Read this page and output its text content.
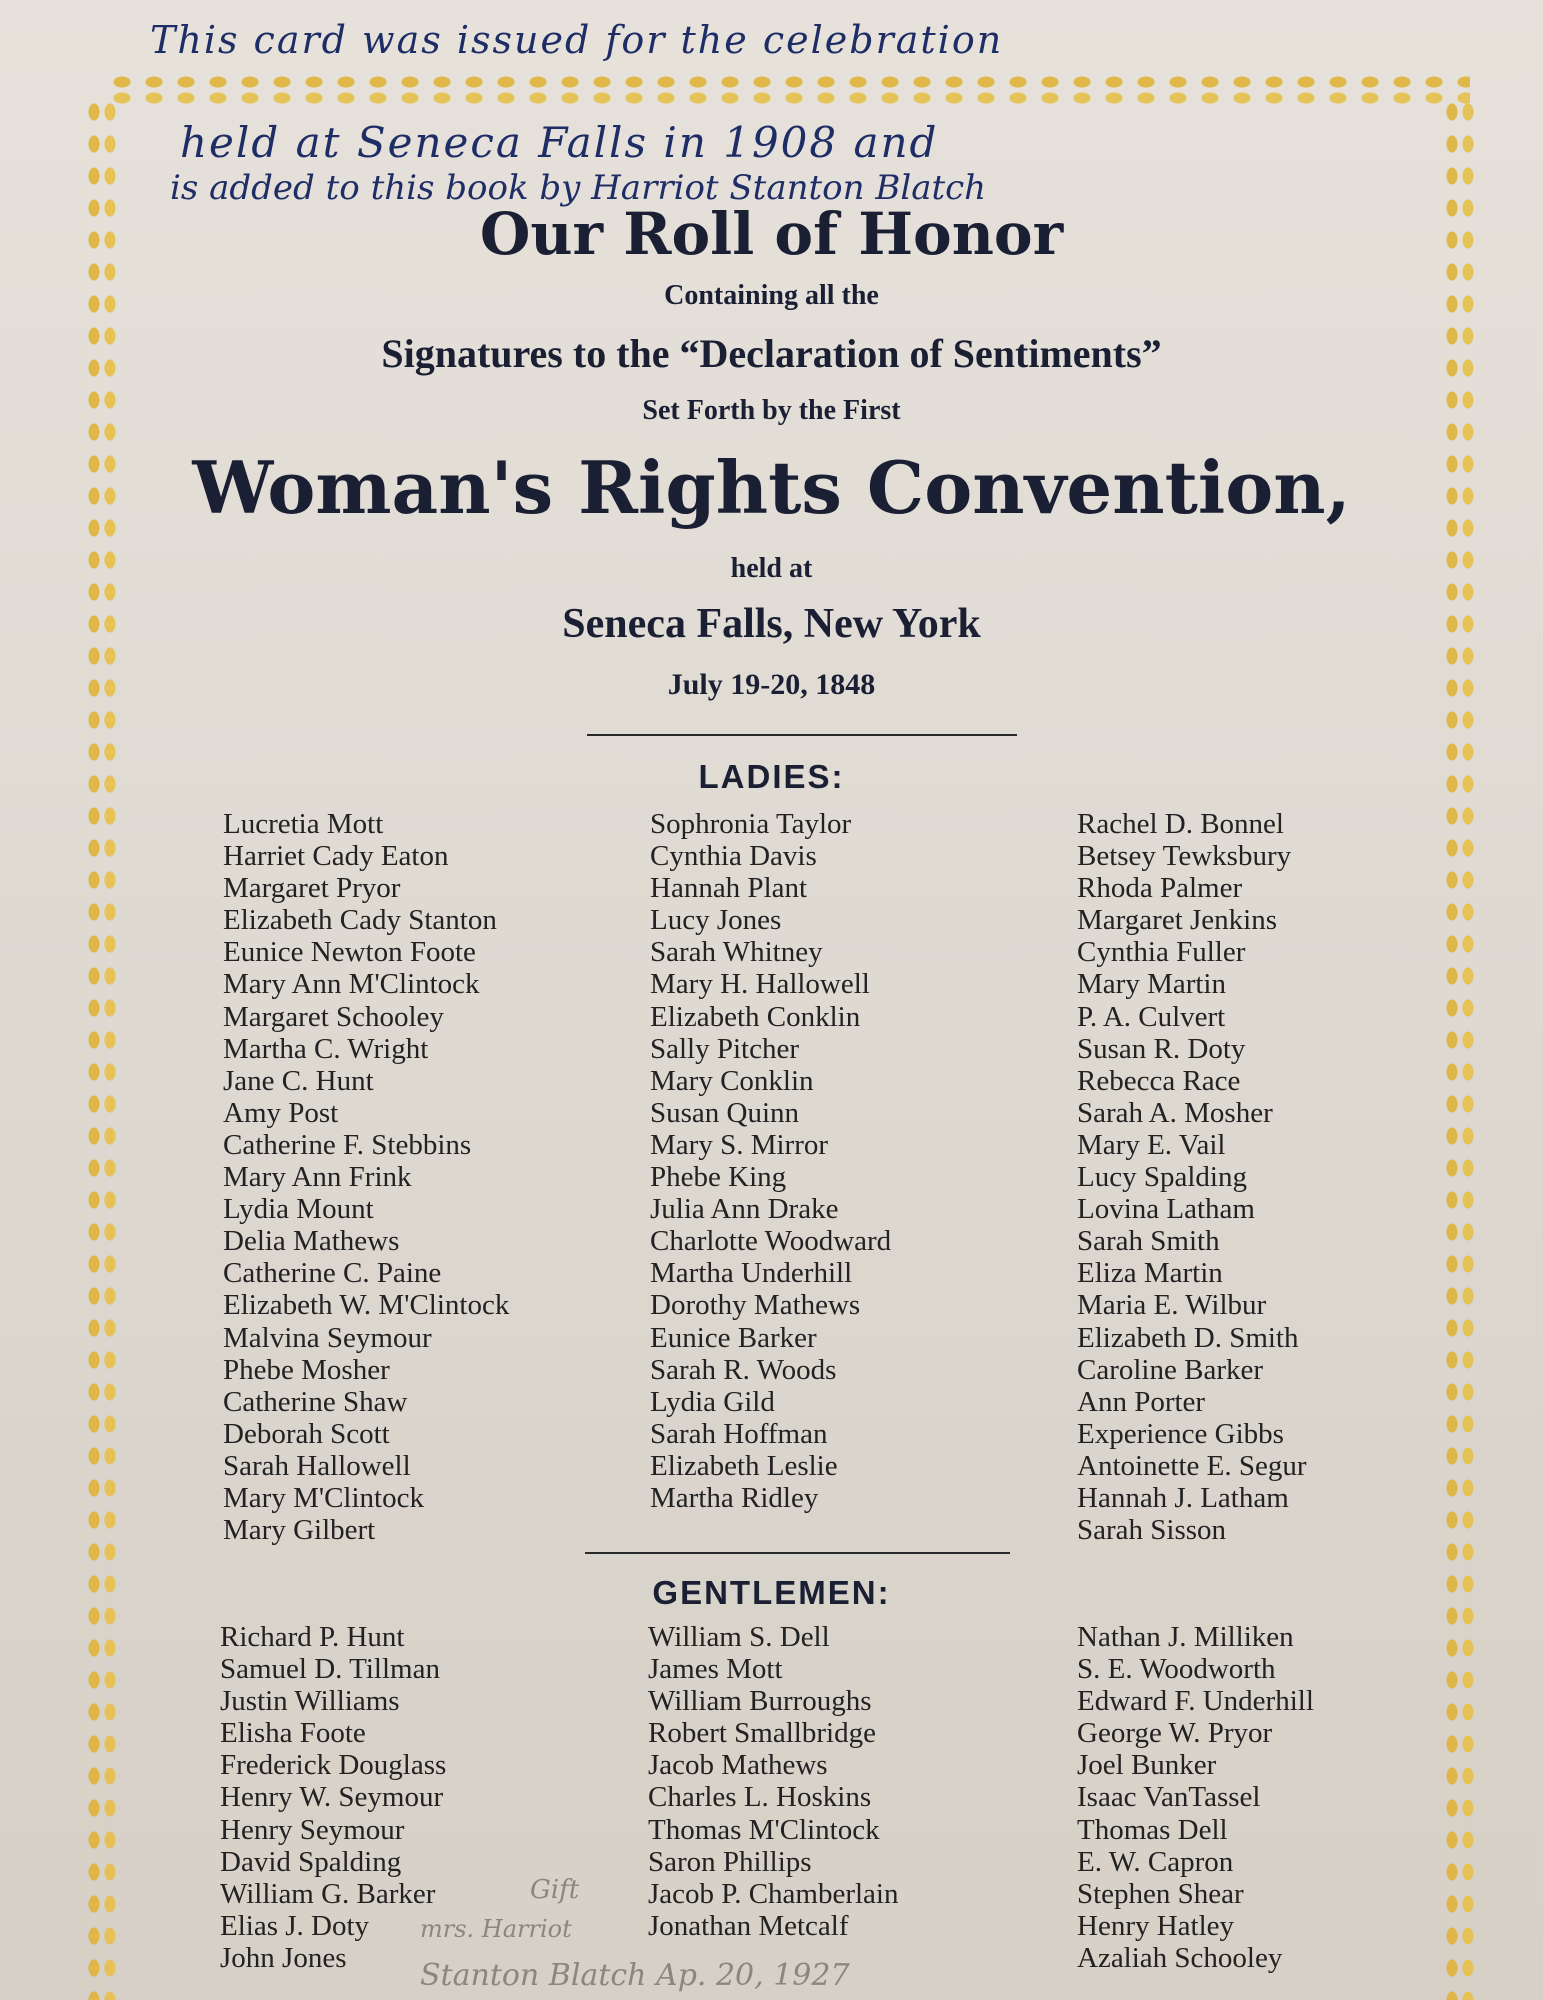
This card was issued for the celebration
held at Seneca Falls in 1908 and
is added to this book by Harriot Stanton Blatch
Our Roll of Honor
Containing all the
Signatures to the “Declaration of Sentiments”
Set Forth by the First
Woman's Rights Convention,
held at
Seneca Falls, New York
July 19-20, 1848
LADIES:
Lucretia Mott
Harriet Cady Eaton
Margaret Pryor
Elizabeth Cady Stanton
Eunice Newton Foote
Mary Ann M'Clintock
Margaret Schooley
Martha C. Wright
Jane C. Hunt
Amy Post
Catherine F. Stebbins
Mary Ann Frink
Lydia Mount
Delia Mathews
Catherine C. Paine
Elizabeth W. M'Clintock
Malvina Seymour
Phebe Mosher
Catherine Shaw
Deborah Scott
Sarah Hallowell
Mary M'Clintock
Mary Gilbert
Sophronia Taylor
Cynthia Davis
Hannah Plant
Lucy Jones
Sarah Whitney
Mary H. Hallowell
Elizabeth Conklin
Sally Pitcher
Mary Conklin
Susan Quinn
Mary S. Mirror
Phebe King
Julia Ann Drake
Charlotte Woodward
Martha Underhill
Dorothy Mathews
Eunice Barker
Sarah R. Woods
Lydia Gild
Sarah Hoffman
Elizabeth Leslie
Martha Ridley
Rachel D. Bonnel
Betsey Tewksbury
Rhoda Palmer
Margaret Jenkins
Cynthia Fuller
Mary Martin
P. A. Culvert
Susan R. Doty
Rebecca Race
Sarah A. Mosher
Mary E. Vail
Lucy Spalding
Lovina Latham
Sarah Smith
Eliza Martin
Maria E. Wilbur
Elizabeth D. Smith
Caroline Barker
Ann Porter
Experience Gibbs
Antoinette E. Segur
Hannah J. Latham
Sarah Sisson
GENTLEMEN:
Richard P. Hunt
Samuel D. Tillman
Justin Williams
Elisha Foote
Frederick Douglass
Henry W. Seymour
Henry Seymour
David Spalding
William G. Barker
Elias J. Doty
John Jones
William S. Dell
James Mott
William Burroughs
Robert Smallbridge
Jacob Mathews
Charles L. Hoskins
Thomas M'Clintock
Saron Phillips
Jacob P. Chamberlain
Jonathan Metcalf
Nathan J. Milliken
S. E. Woodworth
Edward F. Underhill
George W. Pryor
Joel Bunker
Isaac VanTassel
Thomas Dell
E. W. Capron
Stephen Shear
Henry Hatley
Azaliah Schooley
Gift
mrs. Harriot
Stanton Blatch Ap. 20, 1927
